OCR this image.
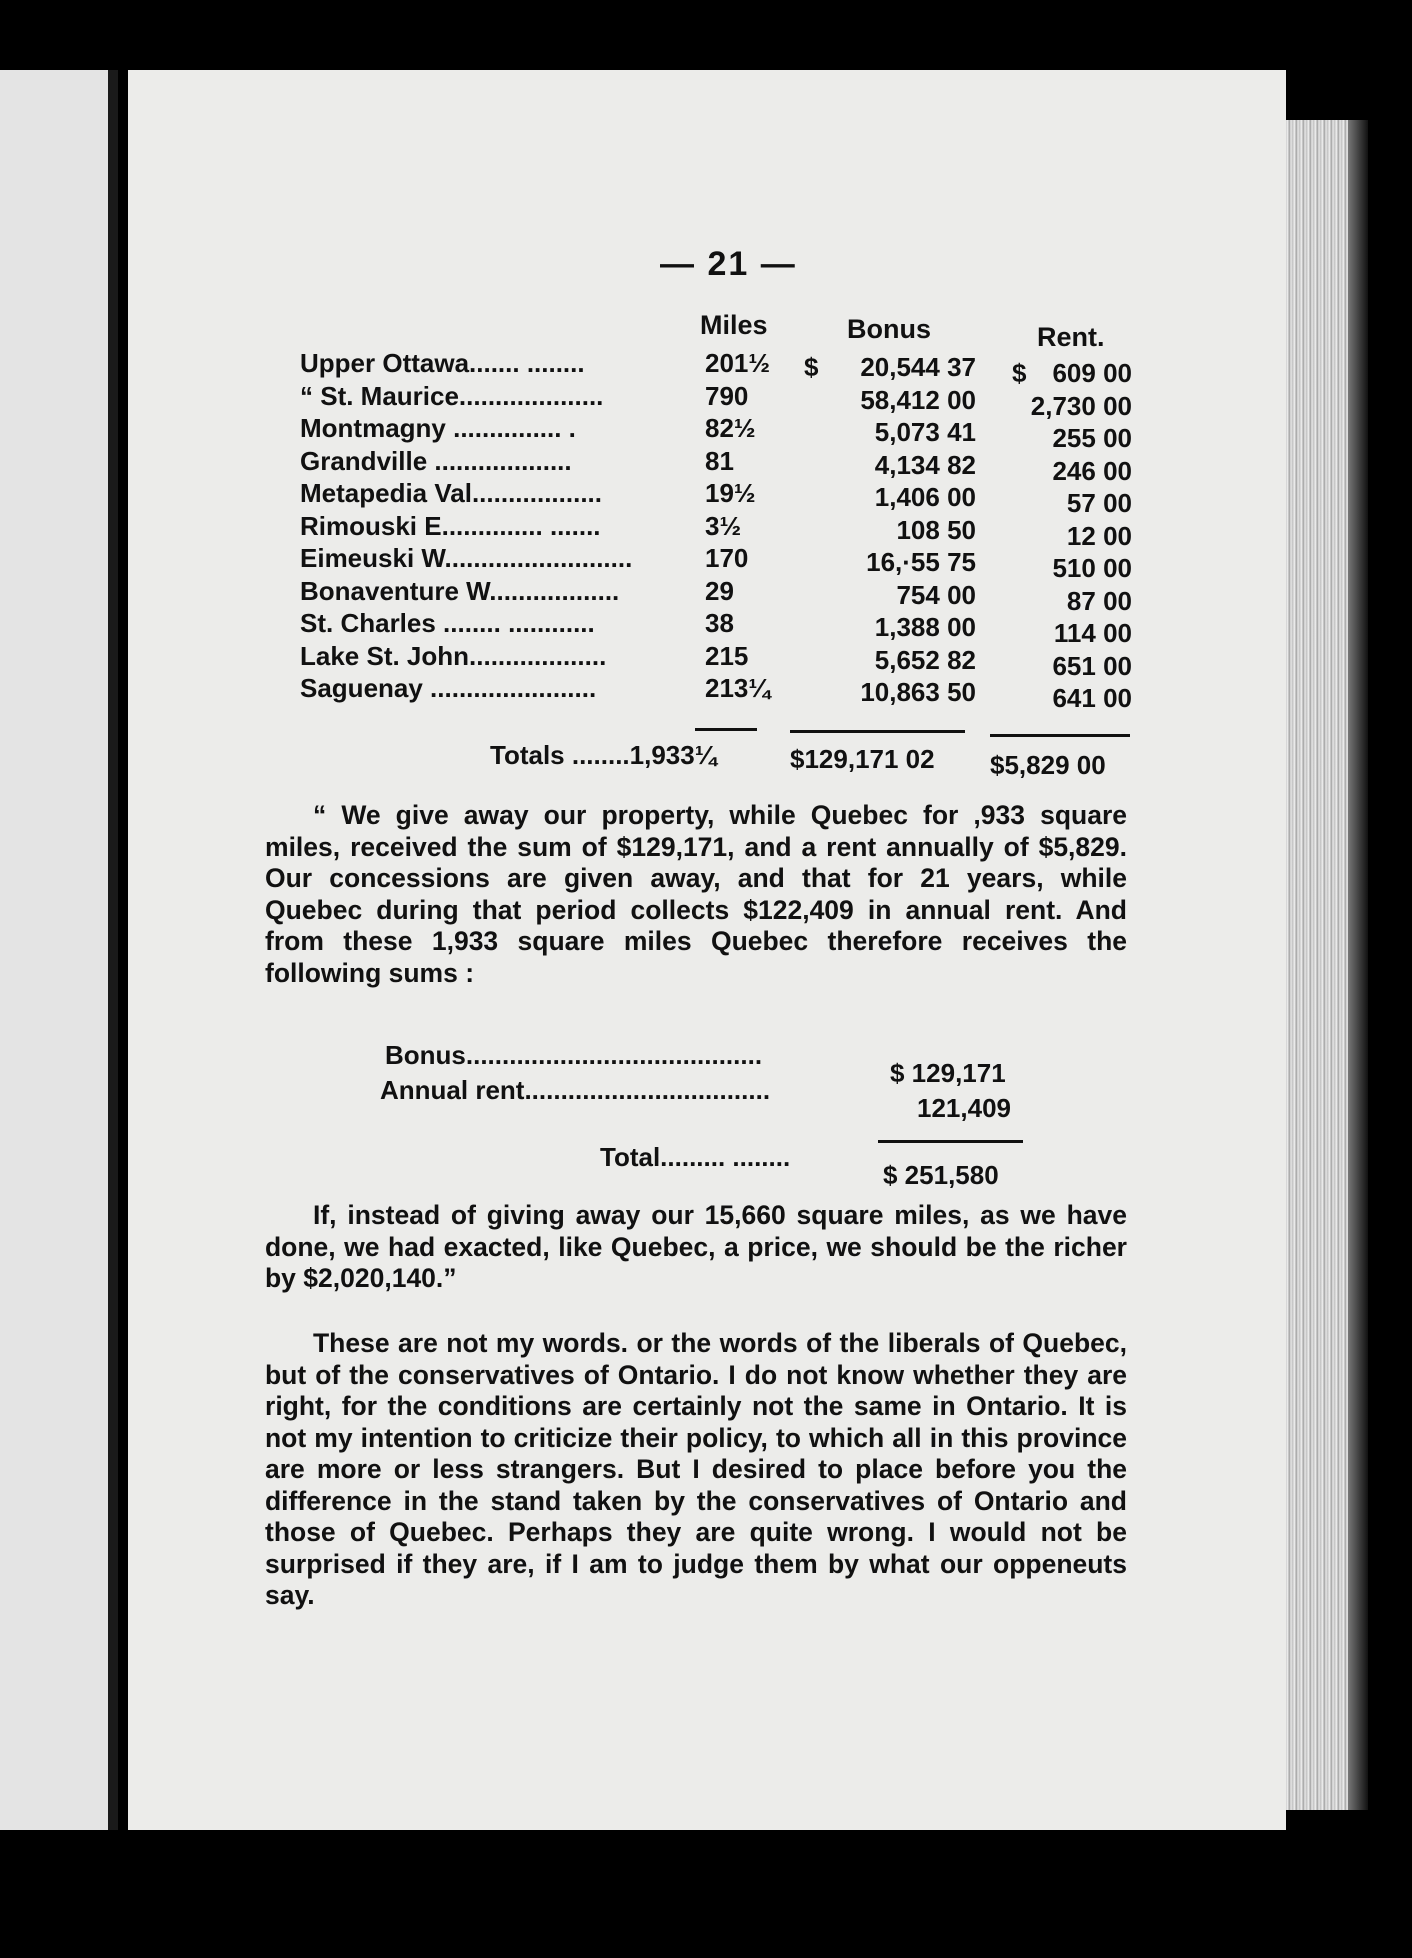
— 21 —
Miles	Bonus	Rent.
Upper Ottawa....... ........	201½ $	20,544 37 $	609 00
“ St. Maurice....................	790	58,412 00	2,730 00
Montmagny ............... .	82½	5,073 41	255 00
Grandville ...................	81	4,134 82	246 00
Metapedia Val..................	19½	1,406 00	57 00
Rimouski E.............. .......	3½	108 50	12 00
Eimeuski W..........................	170	16,·55 75	510 00
Bonaventure W..................	29	754 00	87 00
St. Charles ........ ............	38	1,388 00	114 00
Lake St. John...................	215	5,652 82	651 00
Saguenay .......................	213¼	10,863 50	641 00
Totals ........1,933¼	$129,171 02 $5,829 00

“ We give away our property, while Quebec for ,933 square miles, received the sum of $129,171, and a rent annually of $5,829. Our concessions are given away, and that for 21 years, while Quebec during that period collects $122,409 in annual rent. And from these 1,933 square miles Quebec therefore receives the following sums :

Bonus.........................................
$ 129,171
Annual rent..................................
121,409
Total......... ........
$ 251,580

If, instead of giving away our 15,660 square miles, as we have done, we had exacted, like Quebec, a price, we should be the richer by $2,020,140.”

These are not my words. or the words of the liberals of Quebec, but of the conservatives of Ontario. I do not know whether they are right, for the conditions are certainly not the same in Ontario. It is not my intention to criticize their policy, to which all in this province are more or less strangers. But I desired to place before you the difference in the stand taken by the conservatives of Ontario and those of Quebec. Perhaps they are quite wrong. I would not be surprised if they are, if I am to judge them by what our oppeneuts say.
